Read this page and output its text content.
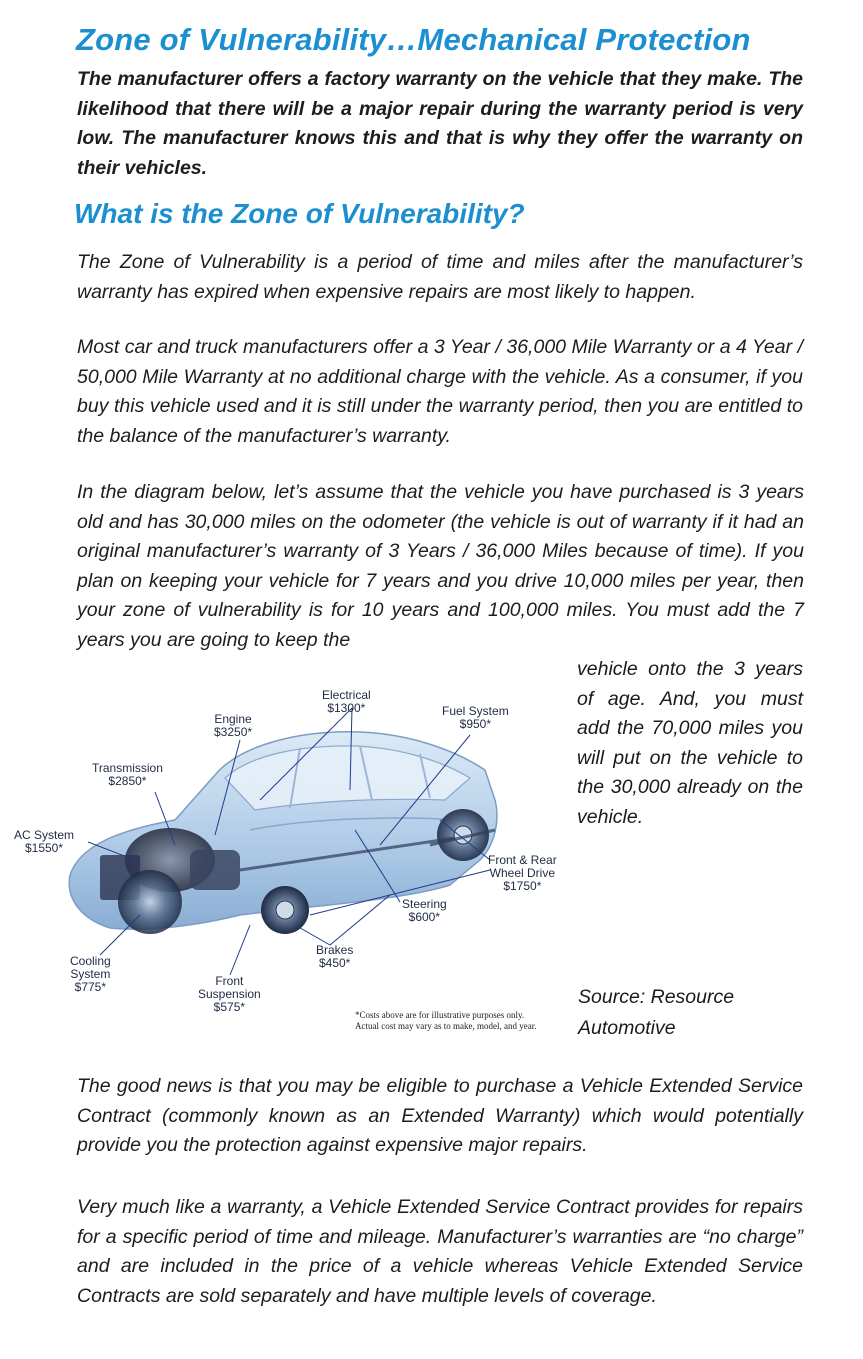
Zone of Vulnerability…Mechanical Protection

The manufacturer offers a factory warranty on the vehicle that they make. The likelihood that there will be a major repair during the warranty period is very low. The manufacturer knows this and that is why they offer the warranty on their vehicles.

What is the Zone of Vulnerability?

The Zone of Vulnerability is a period of time and miles after the manufacturer’s warranty has expired when expensive repairs are most likely to happen.

Most car and truck manufacturers offer a 3 Year / 36,000 Mile Warranty or a 4 Year / 50,000 Mile Warranty at no additional charge with the vehicle. As a consumer, if you buy this vehicle used and it is still under the warranty period, then you are entitled to the balance of the manufacturer’s warranty.

In the diagram below, let’s assume that the vehicle you have purchased is 3 years old and has 30,000 miles on the odometer (the vehicle is out of warranty if it had an original manufacturer’s warranty of 3 Years / 36,000 Miles because of time). If you plan on keeping your vehicle for 7 years and you drive 10,000 miles per year, then your zone of vulnerability is for 10 years and 100,000 miles. You must add the 7 years you are going to keep the

vehicle onto the 3 years of age. And, you must add the 70,000 miles you will put on the vehicle to the 30,000 already on the vehicle.

Electrical
$1300*	Fuel System
$950*
Engine
$3250*
Transmission
$2850*
AC System
$1550*
Front & Rear
Wheel Drive
$1750*
Steering
$600*
Brakes
$450*
Cooling
System
$775*	Front
Suspension
$575*
*Costs above are for illustrative purposes only.
Actual cost may vary as to make, model, and year.
Source: Resource Automotive

The good news is that you may be eligible to purchase a Vehicle Extended Service Contract (commonly known as an Extended Warranty) which would potentially provide you the protection against expensive major repairs.

Very much like a warranty, a Vehicle Extended Service Contract provides for repairs for a specific period of time and mileage. Manufacturer’s warranties are “no charge” and are included in the price of a vehicle whereas Vehicle Extended Service Contracts are sold separately and have multiple levels of coverage.
